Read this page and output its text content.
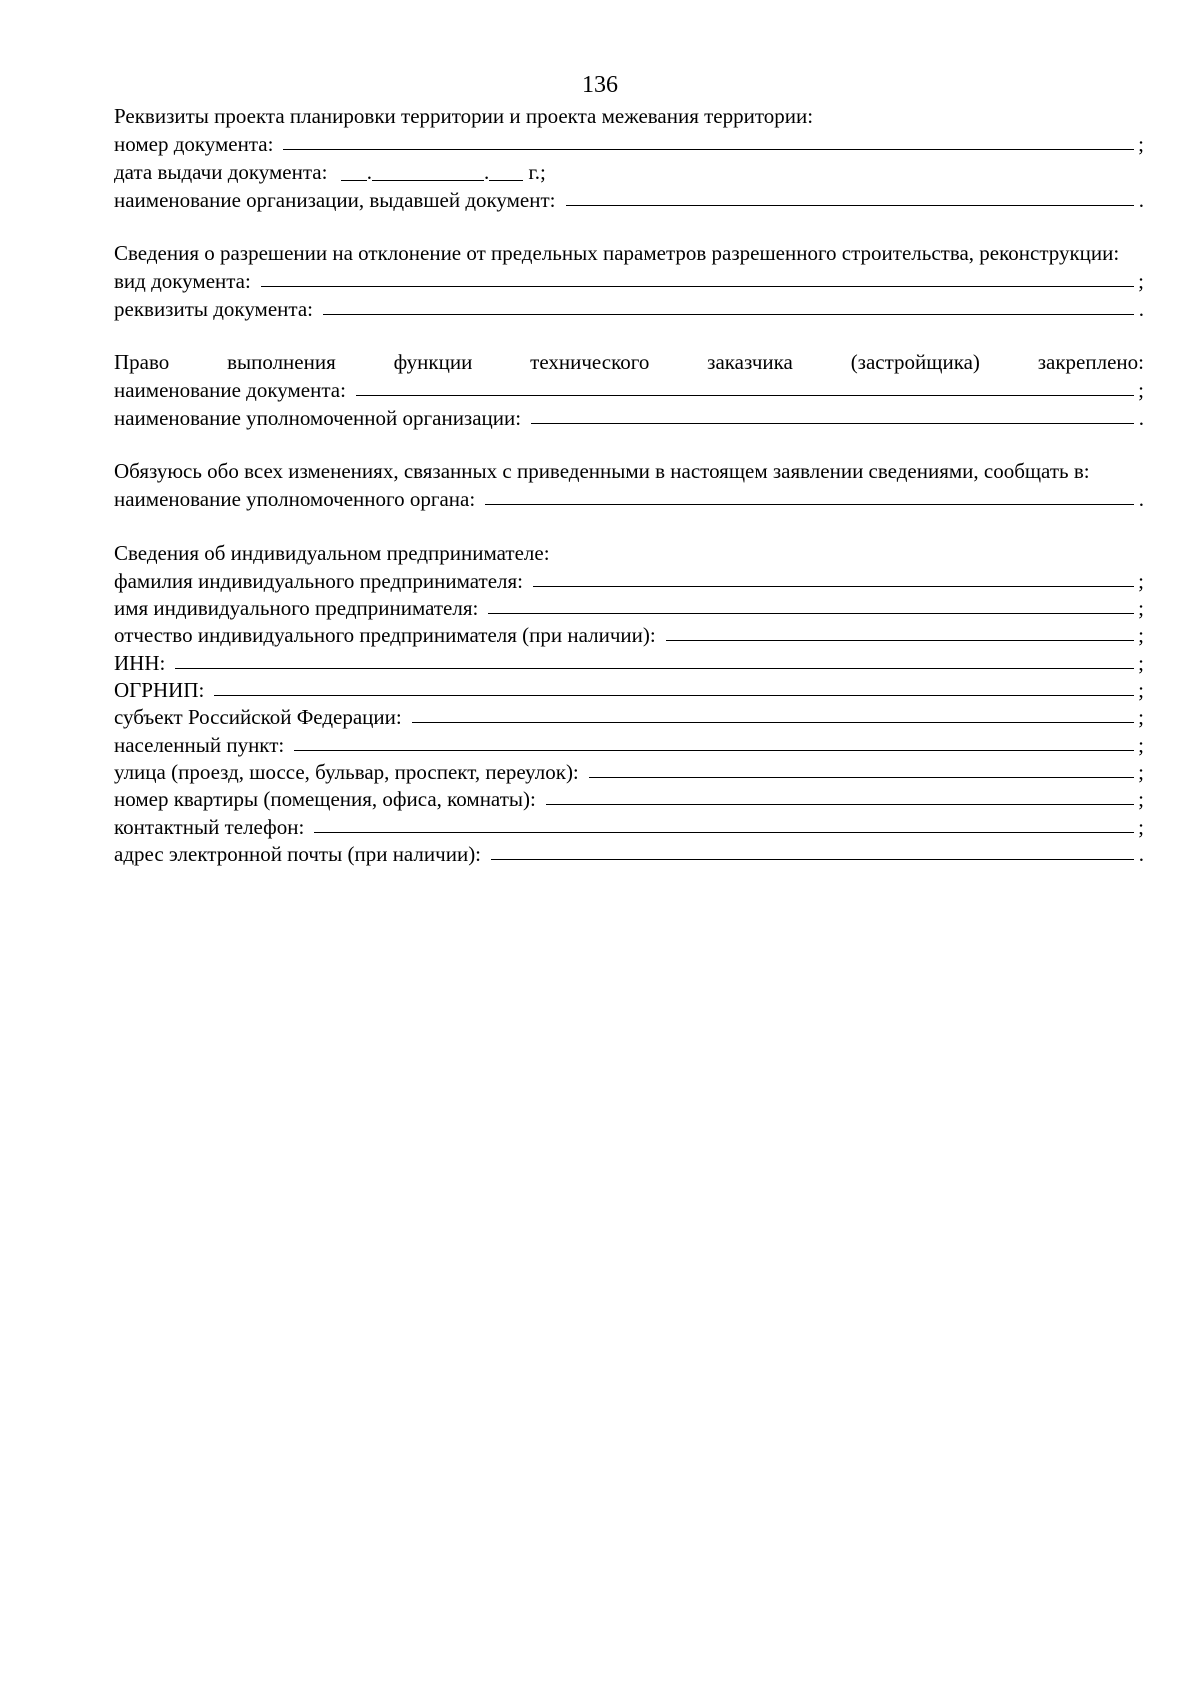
136
Реквизиты проекта планировки территории и проекта межевания территории:
номер документа:	;
дата выдачи документа: .	. г.;
наименование организации, выдавшей документ:	.
Сведения о разрешении на отклонение от предельных параметров разрешенного строительства, реконструкции:
вид документа:	;
реквизиты документа:	.
Право выполнения функции технического заказчика (застройщика) закреплено:
наименование документа:	;
наименование уполномоченной организации:	.
Обязуюсь обо всех изменениях, связанных с приведенными в настоящем заявлении сведениями, сообщать в:
наименование уполномоченного органа:	.
Сведения об индивидуальном предпринимателе:
фамилия индивидуального предпринимателя:	;
имя индивидуального предпринимателя:	;
отчество индивидуального предпринимателя (при наличии):	;
ИНН:	;
ОГРНИП:	;
субъект Российской Федерации:	;
населенный пункт:	;
улица (проезд, шоссе, бульвар, проспект, переулок):	;
номер квартиры (помещения, офиса, комнаты):	;
контактный телефон:	;
адрес электронной почты (при наличии):	.
